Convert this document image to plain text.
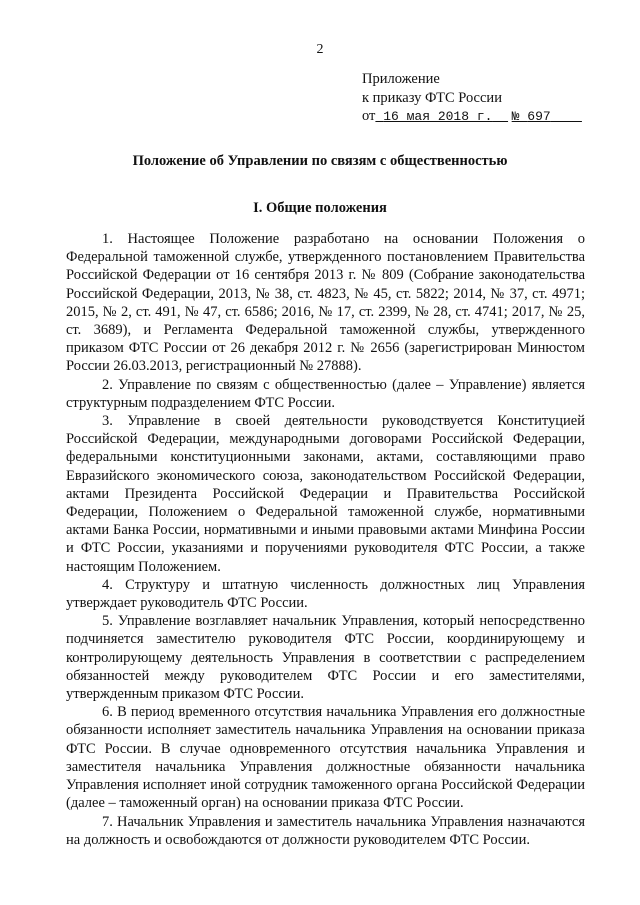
2
Приложение
к приказу ФТС России
от 16 мая 2018 г. № 697
Положение об Управлении по связям с общественностью
I. Общие положения

1. Настоящее Положение разработано на основании Положения о Федеральной таможенной службе, утвержденного постановлением Правительства Российской Федерации от 16 сентября 2013 г. № 809 (Собрание законодательства Российской Федерации, 2013, № 38, ст. 4823, № 45, ст. 5822; 2014, № 37, ст. 4971; 2015, № 2, ст. 491, № 47, ст. 6586; 2016, № 17, ст. 2399, № 28, ст. 4741; 2017, № 25, ст. 3689), и Регламента Федеральной таможенной службы, утвержденного приказом ФТС России от 26 декабря 2012 г. № 2656 (зарегистрирован Минюстом России 26.03.2013, регистрационный № 27888).

2. Управление по связям с общественностью (далее – Управление) является структурным подразделением ФТС России.

3. Управление в своей деятельности руководствуется Конституцией Российской Федерации, международными договорами Российской Федерации, федеральными конституционными законами, актами, составляющими право Евразийского экономического союза, законодательством Российской Федерации, актами Президента Российской Федерации и Правительства Российской Федерации, Положением о Федеральной таможенной службе, нормативными актами Банка России, нормативными и иными правовыми актами Минфина России и ФТС России, указаниями и поручениями руководителя ФТС России, а также настоящим Положением.

4. Структуру и штатную численность должностных лиц Управления утверждает руководитель ФТС России.

5. Управление возглавляет начальник Управления, который непосредственно подчиняется заместителю руководителя ФТС России, координирующему и контролирующему деятельность Управления в соответствии с распределением обязанностей между руководителем ФТС России и его заместителями, утвержденным приказом ФТС России.

6. В период временного отсутствия начальника Управления его должностные обязанности исполняет заместитель начальника Управления на основании приказа ФТС России. В случае одновременного отсутствия начальника Управления и заместителя начальника Управления должностные обязанности начальника Управления исполняет иной сотрудник таможенного органа Российской Федерации (далее – таможенный орган) на основании приказа ФТС России.

7. Начальник Управления и заместитель начальника Управления назначаются на должность и освобождаются от должности руководителем ФТС России.
